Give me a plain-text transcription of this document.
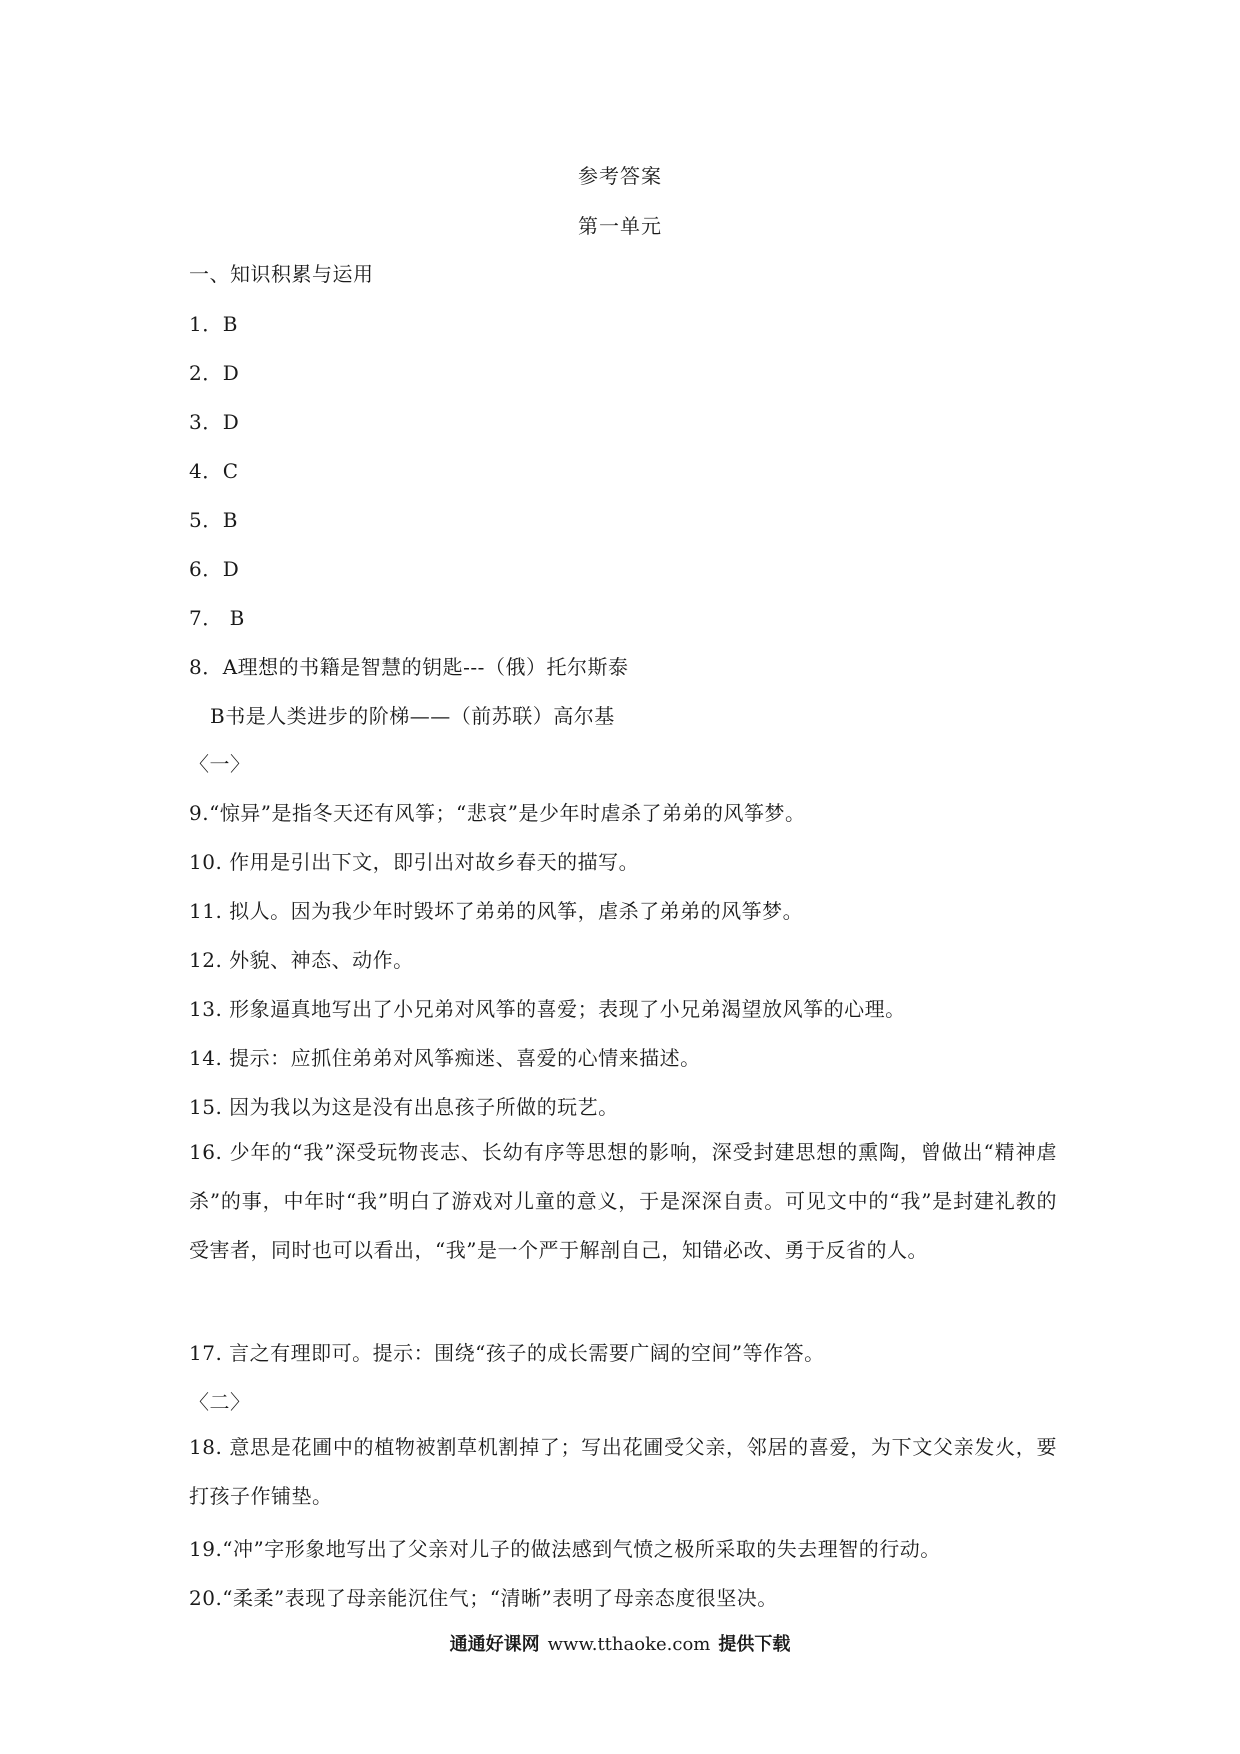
参考答案
第一单元
一、知识积累与运用
1．B
2．D
3．D
4．C
5．B
6．D
7． B
8．A理想的书籍是智慧的钥匙---（俄）托尔斯泰
B书是人类进步的阶梯——（前苏联）高尔基
〈一〉
9.“惊异”是指冬天还有风筝；“悲哀”是少年时虐杀了弟弟的风筝梦。
10. 作用是引出下文，即引出对故乡春天的描写。
11. 拟人。因为我少年时毁坏了弟弟的风筝，虐杀了弟弟的风筝梦。
12. 外貌、神态、动作。
13. 形象逼真地写出了小兄弟对风筝的喜爱；表现了小兄弟渴望放风筝的心理。
14. 提示：应抓住弟弟对风筝痴迷、喜爱的心情来描述。
15. 因为我以为这是没有出息孩子所做的玩艺。
16. 少年的“我”深受玩物丧志、长幼有序等思想的影响，深受封建思想的熏陶，曾做出“精神虐杀”的事，中年时“我”明白了游戏对儿童的意义，于是深深自责。可见文中的“我”是封建礼教的受害者，同时也可以看出，“我”是一个严于解剖自己，知错必改、勇于反省的人。
17. 言之有理即可。提示：围绕“孩子的成长需要广阔的空间”等作答。
〈二〉
18. 意思是花圃中的植物被割草机割掉了；写出花圃受父亲，邻居的喜爱，为下文父亲发火，要打孩子作铺垫。
19.“冲”字形象地写出了父亲对儿子的做法感到气愤之极所采取的失去理智的行动。
20.“柔柔”表现了母亲能沉住气；“清晰”表明了母亲态度很坚决。
通通好课网 www.tthaoke.com 提供下载
